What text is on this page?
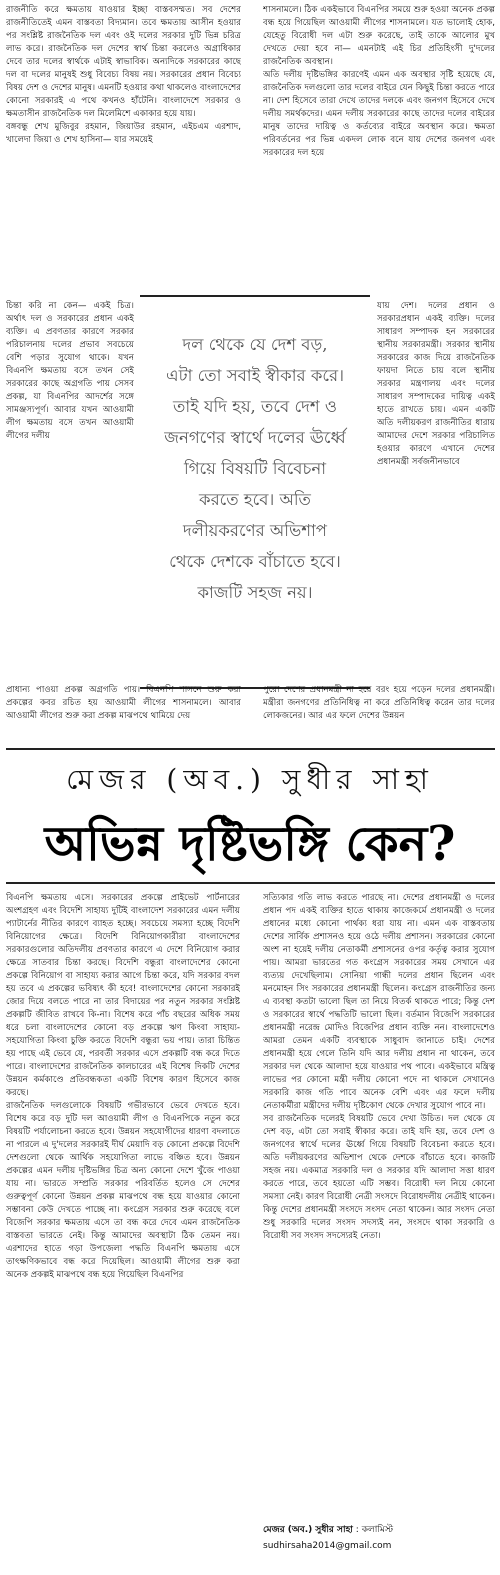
রাজনীতি করে ক্ষমতায় যাওয়ার ইচ্ছা বাস্তবসম্মত। সব দেশের রাজনীতিতেই এমন বাস্তবতা বিদ্যমান। তবে ক্ষমতায় আসীন হওয়ার পর সংশ্লিষ্ট রাজনৈতিক দল এবং ওই দলের সরকার দুটি ভিন্ন চরিত্র লাভ করে। রাজনৈতিক দল দেশের স্বার্থ চিন্তা করলেও অগ্রাধিকার দেবে তার দলের স্বার্থকে এটাই স্বাভাবিক। অন্যদিকে সরকারের কাছে দল বা দলের মানুষই শুধু বিবেচ্য বিষয় নয়। সরকারের প্রধান বিবেচ্য বিষয় দেশ ও দেশের মানুষ। এমনটি হওয়ার কথা থাকলেও বাংলাদেশের কোনো সরকারই এ পথে কখনও হাঁটেনি। বাংলাদেশে সরকার ও ক্ষমতাসীন রাজনৈতিক দল মিলেমিশে একাকার হয়ে যায়।
বঙ্গবন্ধু শেখ মুজিবুর রহমান, জিয়াউর রহমান, এইচএম এরশাদ, খালেদা জিয়া ও শেখ হাসিনা— যার সময়েই

শাসনামলে। ঠিক একইভাবে বিএনপির সময়ে শুরু হওয়া অনেক প্রকল্প বন্ধ হয়ে গিয়েছিল আওয়ামী লীগের শাসনামলে। যত ভালোই হোক, যেহেতু বিরোধী দল এটা শুরু করেছে, তাই তাকে আলোর মুখ দেখতে দেয়া হবে না— এমনটাই এই চির প্রতিহিংসী দু'দলের রাজনৈতিক অবস্থান।
অতি দলীয় দৃষ্টিভঙ্গির কারণেই এমন এক অবস্থার সৃষ্টি হয়েছে যে, রাজনৈতিক দলগুলো তার দলের বাইরে যেন কিছুই চিন্তা করতে পারে না। দেশ হিসেবে তারা দেখে তাদের দলকে এবং জনগণ হিসেবে দেখে দলীয় সমর্থকদের। এমন দলীয় সরকারের কাছে তাদের দলের বাইরের মানুষ তাদের দায়িত্ব ও কর্তব্যের বাইরে অবস্থান করে। ক্ষমতা পরিবর্তনের পর ভিন্ন একদল লোক বনে যায় দেশের জনগণ এবং সরকারের দল হয়ে

চিন্তা করি না কেন— একই চিত্র। অর্থাৎ দল ও সরকারের প্রধান একই ব্যক্তি। এ প্রবণতার কারণে সরকার পরিচালনায় দলের প্রভাব সবচেয়ে বেশি পড়ার সুযোগ থাকে। যখন বিএনপি ক্ষমতায় বসে তখন সেই সরকারের কাছে অগ্রগতি পায় সেসব প্রকল্প, যা বিএনপির আদর্শের সঙ্গে সামঞ্জস্যপূর্ণ। আবার যখন আওয়ামী লীগ ক্ষমতায় বসে তখন আওয়ামী লীগের দলীয়

দল থেকে যে দেশ বড়,
এটা তো সবাই স্বীকার করে।
তাই যদি হয়, তবে দেশ ও
জনগণের স্বার্থে দলের ঊর্ধ্বে
গিয়ে বিষয়টি বিবেচনা
করতে হবে। অতি
দলীয়করণের অভিশাপ
থেকে দেশকে বাঁচাতে হবে।
কাজটি সহজ নয়।

যায় দেশ। দলের প্রধান ও সরকারপ্রধান একই ব্যক্তি। দলের সাধারণ সম্পাদক হন সরকারের স্থানীয় সরকারমন্ত্রী। সরকার স্থানীয় সরকারের কাজ দিয়ে রাজনৈতিক ফায়দা নিতে চায় বলে স্থানীয় সরকার মন্ত্রণালয় এবং দলের সাধারণ সম্পাদকের দায়িত্ব একই হাতে রাখতে চায়। এমন একটি অতি দলীয়করণ রাজনীতির ধারায় আমাদের দেশে সরকার পরিচালিত হওয়ার কারণে এখানে দেশের প্রধানমন্ত্রী সর্বজনীনভাবে

প্রাধান্য পাওয়া প্রকল্প অগ্রগতি পায়। বিএনপি শাসনে শুরু করা প্রকল্পের কবর রচিত হয় আওয়ামী লীগের শাসনামলে। আবার আওয়ামী লীগের শুরু করা প্রকল্প মাঝপথে থামিয়ে দেয়

পুরো দেশের প্রধানমন্ত্রী না হয়ে বরং হয়ে পড়েন দলের প্রধানমন্ত্রী। মন্ত্রীরা জনগণের প্রতিনিধিত্ব না করে প্রতিনিধিত্ব করেন তার দলের লোকজনের। আর এর ফলে দেশের উন্নয়ন

মেজর (অব.) সুধীর সাহা
অভিন্ন দৃষ্টিভঙ্গি কেন?

বিএনপি ক্ষমতায় এসে। সরকারের প্রকল্পে প্রাইভেট পার্টনারের অংশগ্রহণ এবং বিদেশি সাহায্য দুটিই বাংলাদেশ সরকারের এমন দলীয় প্যাটার্নের নীতির কারণে ব্যাহত হচ্ছে। সবচেয়ে সমস্যা হচ্ছে বিদেশি বিনিয়োগের ক্ষেত্রে। বিদেশি বিনিয়োগকারীরা বাংলাদেশের সরকারগুলোর অতিদলীয় প্রবণতার কারণে এ দেশে বিনিয়োগ করার ক্ষেত্রে সাতবার চিন্তা করছে। বিদেশি বন্ধুরা বাংলাদেশের কোনো প্রকল্পে বিনিয়োগ বা সাহায্য করার আগে চিন্তা করে, যদি সরকার বদল হয় তবে এ প্রকল্পের ভবিষ্যৎ কী হবে! বাংলাদেশের কোনো সরকারই জোর দিয়ে বলতে পারে না তার বিদায়ের পর নতুন সরকার সংশ্লিষ্ট প্রকল্পটি জীবিত রাখবে কি-না। বিশেষ করে পাঁচ বছরের অধিক সময় ধরে চলা বাংলাদেশের কোনো বড় প্রকল্পে ঋণ কিংবা সাহায্য-সহযোগিতা কিংবা চুক্তি করতে বিদেশি বন্ধুরা ভয় পায়। তারা চিন্তিত হয় পাছে এই ভেবে যে, পরবর্তী সরকার এসে প্রকল্পটি বন্ধ করে দিতে পারে। বাংলাদেশের রাজনৈতিক কালচারের এই বিশেষ দিকটি দেশের উন্নয়ন কর্মকাণ্ডে প্রতিবন্ধকতা একটি বিশেষ কারণ হিসেবে কাজ করছে।
রাজনৈতিক দলগুলোকে বিষয়টি গভীরভাবে ভেবে দেখতে হবে। বিশেষ করে বড় দুটি দল আওয়ামী লীগ ও বিএনপিকে নতুন করে বিষয়টি পর্যালোচনা করতে হবে। উন্নয়ন সহযোগীদের ধারণা বদলাতে না পারলে এ দু'দলের সরকারই দীর্ঘ মেয়াদি বড় কোনো প্রকল্পে বিদেশি দেশগুলো থেকে আর্থিক সহযোগিতা লাভে বঞ্চিত হবে। উন্নয়ন প্রকল্পের এমন দলীয় দৃষ্টিভঙ্গির চিত্র অন্য কোনো দেশে খুঁজে পাওয়া যায় না। ভারতে সম্প্রতি সরকার পরিবর্তিত হলেও সে দেশের গুরুত্বপূর্ণ কোনো উন্নয়ন প্রকল্প মাঝপথে বন্ধ হয়ে যাওয়ার কোনো সম্ভাবনা কেউ দেখতে পাচ্ছে না। কংগ্রেস সরকার শুরু করেছে বলে বিজেপি সরকার ক্ষমতায় এসে তা বন্ধ করে দেবে এমন রাজনৈতিক বাস্তবতা ভারতে নেই। কিন্তু আমাদের অবস্থাটা ঠিক তেমন নয়। এরশাদের হাতে গড়া উপজেলা পদ্ধতি বিএনপি ক্ষমতায় এসে তাৎক্ষণিকভাবে বন্ধ করে দিয়েছিল। আওয়ামী লীগের শুরু করা অনেক প্রকল্পই মাঝপথে বন্ধ হয়ে গিয়েছিল বিএনপির

সত্যিকার গতি লাভ করতে পারছে না। দেশের প্রধানমন্ত্রী ও দলের প্রধান পদ একই ব্যক্তির হাতে থাকায় কাজেকর্মে প্রধানমন্ত্রী ও দলের প্রধানের মধ্যে কোনো পার্থক্য ধরা যায় না। এমন এক বাস্তবতায় দেশের সার্বিক প্রশাসনও হয়ে ওঠে দলীয় প্রশাসন। সরকারের কোনো অংশ না হয়েই দলীয় নেতাকর্মী প্রশাসনের ওপর কর্তৃত্ব করার সুযোগ পায়। আমরা ভারতের গত কংগ্রেস সরকারের সময় সেখানে এর ব্যত্যয় দেখেছিলাম। সোনিয়া গান্ধী দলের প্রধান ছিলেন এবং মনমোহন সিং সরকারের প্রধানমন্ত্রী ছিলেন। কংগ্রেস রাজনীতির জন্য এ ব্যবস্থা কতটা ভালো ছিল তা নিয়ে বিতর্ক থাকতে পারে; কিন্তু দেশ ও সরকারের স্বার্থে পদ্ধতিটি ভালো ছিল। বর্তমান বিজেপি সরকারের প্রধানমন্ত্রী নরেন্দ্র মোদিও বিজেপির প্রধান ব্যক্তি নন। বাংলাদেশেও আমরা তেমন একটি ব্যবস্থাকে সাধুবাদ জানাতে চাই। দেশের প্রধানমন্ত্রী হয়ে গেলে তিনি যদি আর দলীয় প্রধান না থাকেন, তবে সরকার দল থেকে আলাদা হয়ে যাওয়ার পথ পাবে। একইভাবে মন্ত্রিত্ব লাভের পর কোনো মন্ত্রী দলীয় কোনো পদে না থাকলে সেখানেও সরকারি কাজ গতি পাবে অনেক বেশি এবং এর ফলে দলীয় নেতাকর্মীরা মন্ত্রীদের দলীয় দৃষ্টিকোণ থেকে দেখার সুযোগ পাবে না।
সব রাজনৈতিক দলেরই বিষয়টি ভেবে দেখা উচিত। দল থেকে যে দেশ বড়, এটা তো সবাই স্বীকার করে। তাই যদি হয়, তবে দেশ ও জনগণের স্বার্থে দলের ঊর্ধ্বে গিয়ে বিষয়টি বিবেচনা করতে হবে। অতি দলীয়করণের অভিশাপ থেকে দেশকে বাঁচাতে হবে। কাজটি সহজ নয়। একমাত্র সরকারি দল ও সরকার যদি আলাদা সত্তা ধারণ করতে পারে, তবে হয়তো এটি সম্ভব। বিরোধী দল নিয়ে কোনো সমস্যা নেই। কারণ বিরোধী নেত্রী সংসদে বিরোধদলীয় নেত্রীই থাকেন। কিন্তু দেশের প্রধানমন্ত্রী সংসদে সংসদ নেতা থাকেন। আর সংসদ নেতা শুধু সরকারি দলের সংসদ সদস্যই নন, সংসদে থাকা সরকারি ও বিরোধী সব সংসদ সদস্যেরই নেতা।

মেজর (অব.) সুধীর সাহা : কলামিস্ট
sudhirsaha2014@gmail.com
